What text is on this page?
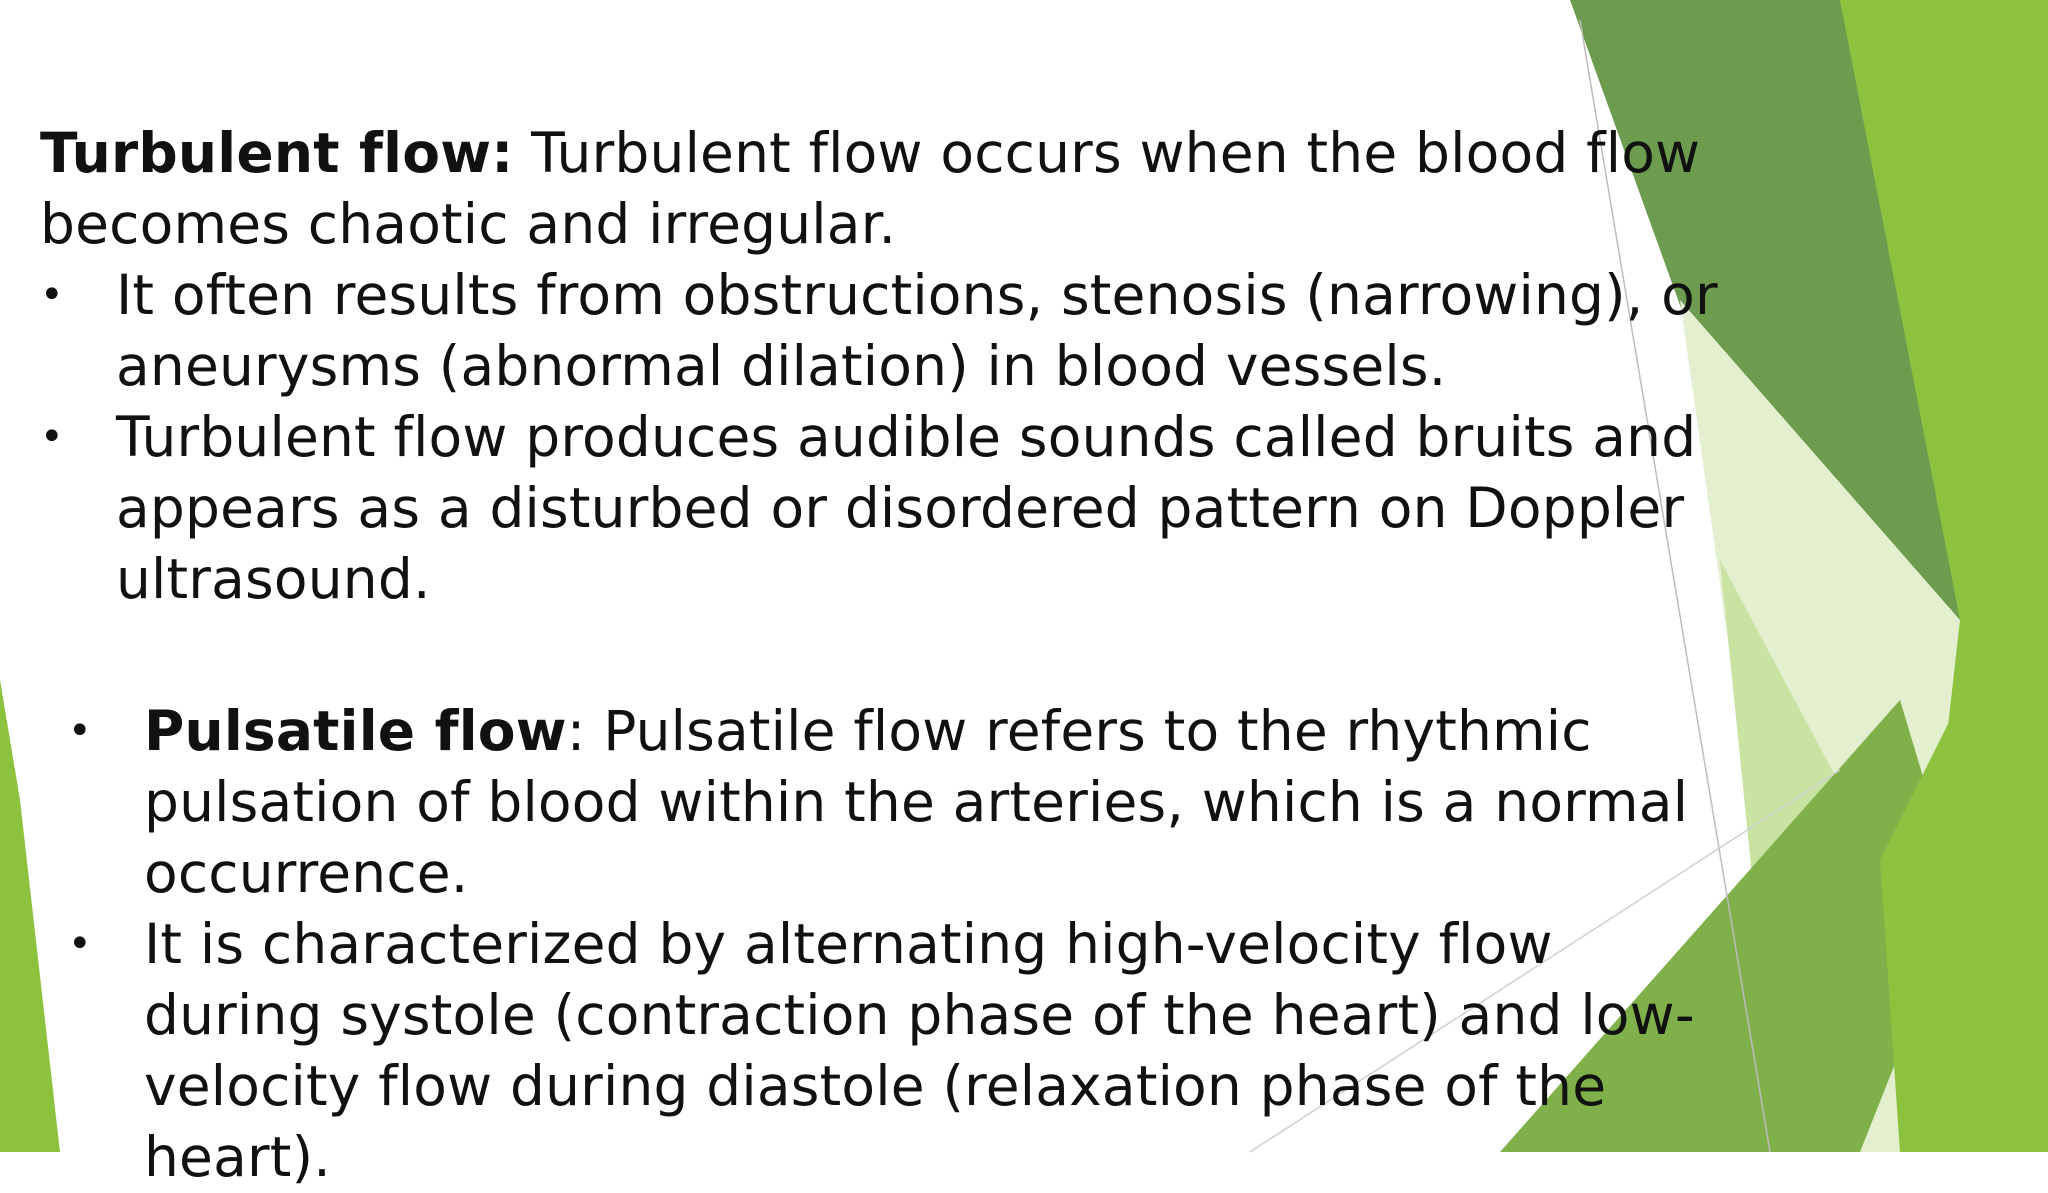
Turbulent flow: Turbulent flow occurs when the blood flow
becomes chaotic and irregular.
• It often results from obstructions, stenosis (narrowing), or
aneurysms (abnormal dilation) in blood vessels.
• Turbulent flow produces audible sounds called bruits and
appears as a disturbed or disordered pattern on Doppler
ultrasound.
• Pulsatile flow: Pulsatile flow refers to the rhythmic
pulsation of blood within the arteries, which is a normal
occurrence.
• It is characterized by alternating high-velocity flow
during systole (contraction phase of the heart) and low-
velocity flow during diastole (relaxation phase of the
heart).
